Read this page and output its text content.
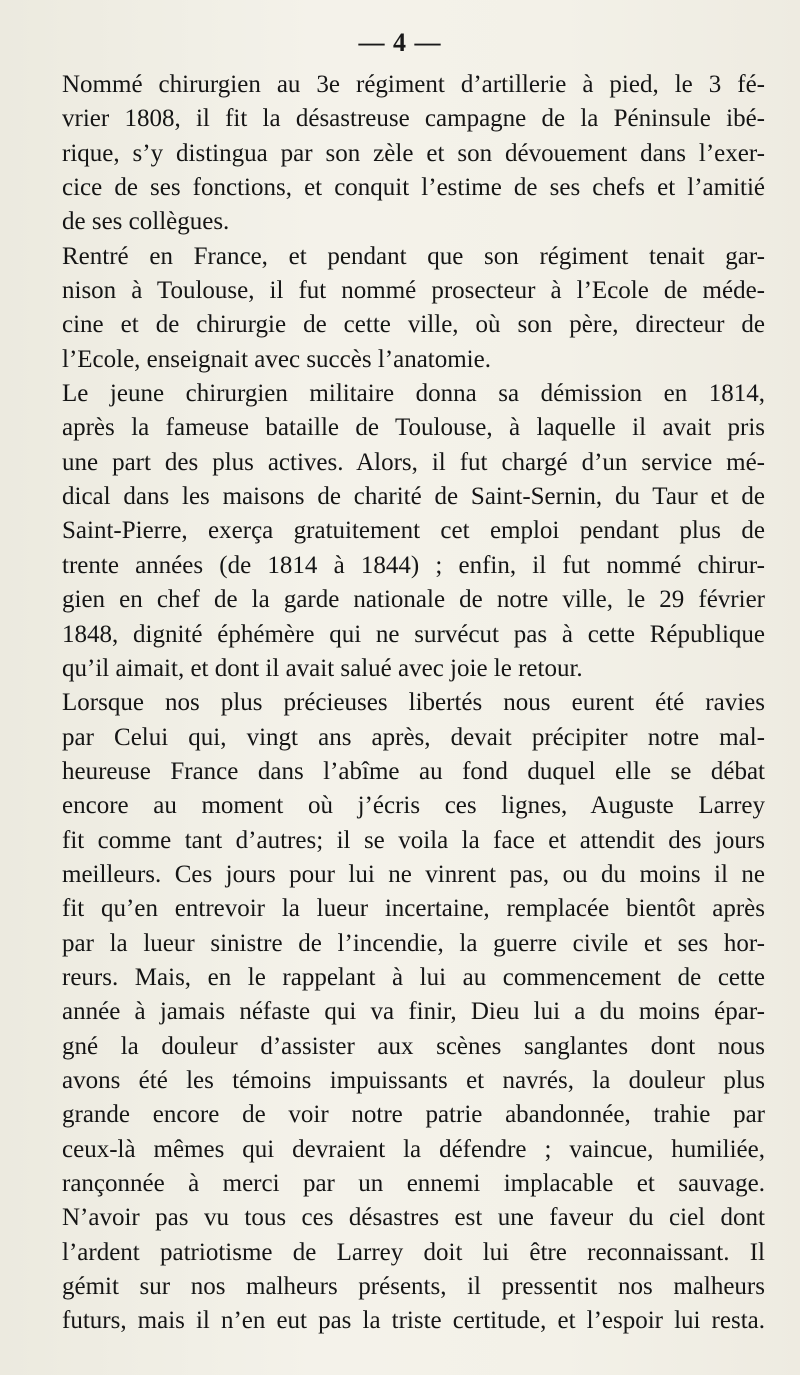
— 4 —
Nommé chirurgien au 3e régiment d’artillerie à pied, le 3 fé-
vrier 1808, il fit la désastreuse campagne de la Péninsule ibé-
rique, s’y distingua par son zèle et son dévouement dans l’exer-
cice de ses fonctions, et conquit l’estime de ses chefs et l’amitié
de ses collègues.
Rentré en France, et pendant que son régiment tenait gar-
nison à Toulouse, il fut nommé prosecteur à l’Ecole de méde-
cine et de chirurgie de cette ville, où son père, directeur de
l’Ecole, enseignait avec succès l’anatomie.
Le jeune chirurgien militaire donna sa démission en 1814,
après la fameuse bataille de Toulouse, à laquelle il avait pris
une part des plus actives. Alors, il fut chargé d’un service mé-
dical dans les maisons de charité de Saint-Sernin, du Taur et de
Saint-Pierre, exerça gratuitement cet emploi pendant plus de
trente années (de 1814 à 1844) ; enfin, il fut nommé chirur-
gien en chef de la garde nationale de notre ville, le 29 février
1848, dignité éphémère qui ne survécut pas à cette République
qu’il aimait, et dont il avait salué avec joie le retour.
Lorsque nos plus précieuses libertés nous eurent été ravies
par Celui qui, vingt ans après, devait précipiter notre mal-
heureuse France dans l’abîme au fond duquel elle se débat
encore au moment où j’écris ces lignes, Auguste Larrey
fit comme tant d’autres; il se voila la face et attendit des jours
meilleurs. Ces jours pour lui ne vinrent pas, ou du moins il ne
fit qu’en entrevoir la lueur incertaine, remplacée bientôt après
par la lueur sinistre de l’incendie, la guerre civile et ses hor-
reurs. Mais, en le rappelant à lui au commencement de cette
année à jamais néfaste qui va finir, Dieu lui a du moins épar-
gné la douleur d’assister aux scènes sanglantes dont nous
avons été les témoins impuissants et navrés, la douleur plus
grande encore de voir notre patrie abandonnée, trahie par
ceux-là mêmes qui devraient la défendre ; vaincue, humiliée,
rançonnée à merci par un ennemi implacable et sauvage.
N’avoir pas vu tous ces désastres est une faveur du ciel dont
l’ardent patriotisme de Larrey doit lui être reconnaissant. Il
gémit sur nos malheurs présents, il pressentit nos malheurs
futurs, mais il n’en eut pas la triste certitude, et l’espoir lui resta.
